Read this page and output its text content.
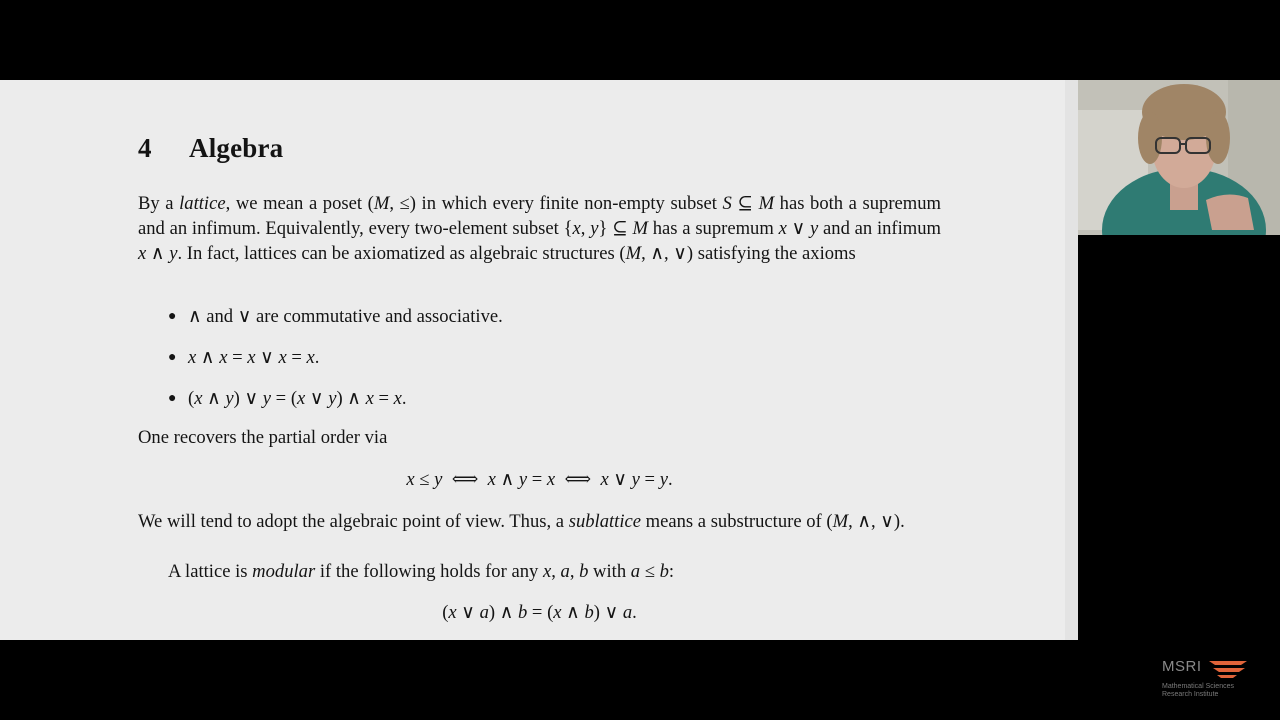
4 Algebra
By a lattice, we mean a poset (M, ≤) in which every finite non-empty subset S ⊆ M has both a supremum and an infimum. Equivalently, every two-element subset {x, y} ⊆ M has a supremum x ∨ y and an infimum x ∧ y. In fact, lattices can be axiomatized as algebraic structures (M, ∧, ∨) satisfying the axioms
● ∧ and ∨ are commutative and associative.
● x ∧ x = x ∨ x = x.
● (x ∧ y) ∨ y = (x ∨ y) ∧ x = x.
One recovers the partial order via
x ≤ y  ⟺  x ∧ y = x  ⟺  x ∨ y = y.
We will tend to adopt the algebraic point of view. Thus, a sublattice means a substructure of (M, ∧, ∨).
A lattice is modular if the following holds for any x, a, b with a ≤ b:
(x ∨ a) ∧ b = (x ∧ b) ∨ a.
MSRI
Mathematical Sciences
Research Institute
